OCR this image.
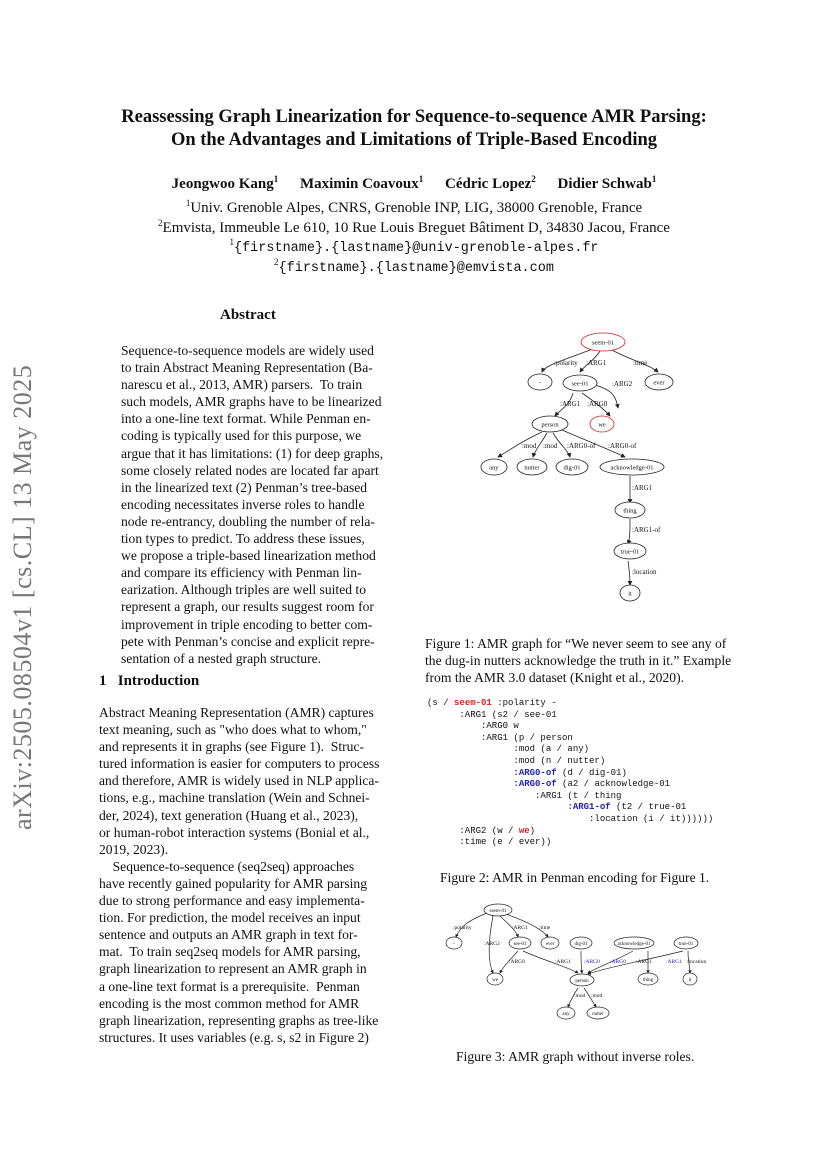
Reassessing Graph Linearization for Sequence-to-sequence AMR Parsing:
On the Advantages and Limitations of Triple-Based Encoding
Jeongwoo Kang$^1$ Maximin Coavoux$^1$ Cédric Lopez$^2$ Didier Schwab$^1$
$^1$Univ. Grenoble Alpes, CNRS, Grenoble INP, LIG, 38000 Grenoble, France
$^2$Emvista, Immeuble Le 610, 10 Rue Louis Breguet Bâtiment D, 34830 Jacou, France
$^1${firstname}.{lastname}@univ-grenoble-alpes.fr
$^2${firstname}.{lastname}@emvista.com
arXiv:2505.08504v1 [cs.CL] 13 May 2025
Abstract
Sequence-to-sequence models are widely used
to train Abstract Meaning Representation (Ba-
narescu et al., 2013, AMR) parsers.  To train
such models, AMR graphs have to be linearized
into a one-line text format. While Penman en-
coding is typically used for this purpose, we
argue that it has limitations: (1) for deep graphs,
some closely related nodes are located far apart
in the linearized text (2) Penman’s tree-based
encoding necessitates inverse roles to handle
node re-entrancy, doubling the number of rela-
tion types to predict. To address these issues,
we propose a triple-based linearization method
and compare its efficiency with Penman lin-
earization. Although triples are well suited to
represent a graph, our results suggest room for
improvement in triple encoding to better com-
pete with Penman’s concise and explicit repre-
sentation of a nested graph structure.
1 Introduction
Abstract Meaning Representation (AMR) captures
text meaning, such as "who does what to whom,"
and represents it in graphs (see Figure 1).  Struc-
tured information is easier for computers to process
and therefore, AMR is widely used in NLP applica-
tions, e.g., machine translation (Wein and Schnei-
der, 2024), text generation (Huang et al., 2023),
or human-robot interaction systems (Bonial et al.,
2019, 2023).
Sequence-to-sequence (seq2seq) approaches
have recently gained popularity for AMR parsing
due to strong performance and easy implementa-
tion. For prediction, the model receives an input
sentence and outputs an AMR graph in text for-
mat.  To train seq2seq models for AMR parsing,
graph linearization to represent an AMR graph in
a one-line text format is a prerequisite.  Penman
encoding is the most common method for AMR
graph linearization, representing graphs as tree-like
structures. It uses variables (e.g. s, s2 in Figure 2)
seem-01
-	see-01	ever
person	we
any	nutter	dig-01	acknowledge-01
thing
true-01
it
:polarity :ARG1	:time
:ARG2
:ARG1 :ARG0
:mod :mod :ARG0-of :ARG0-of
:ARG1
:ARG1-of
:location
Figure 1: AMR graph for “We never seem to see any of
the dug-in nutters acknowledge the truth in it.” Example
from the AMR 3.0 dataset (Knight et al., 2020).
(s / seem-01 :polarity -
:ARG1 (s2 / see-01
:ARG0 w
:ARG1 (p / person
:mod (a / any)
:mod (n / nutter)
:ARG0-of (d / dig-01)
:ARG0-of (a2 / acknowledge-01
:ARG1 (t / thing
:ARG1-of (t2 / true-01
:location (i / it))))))
:ARG2 (w / we)
:time (e / ever))
Figure 2: AMR in Penman encoding for Figure 1.
seem-01
-	see-01	ever	dig-01	acknowledge-01	true-01
we	person	thing	it
any	nutter
:polarity	:ARG1 :time
:ARG2
:ARG0	:ARG1 :ARG0 :ARG0 :ARG1	:ARG1 :location
:mod :mod
Figure 3: AMR graph without inverse roles.
